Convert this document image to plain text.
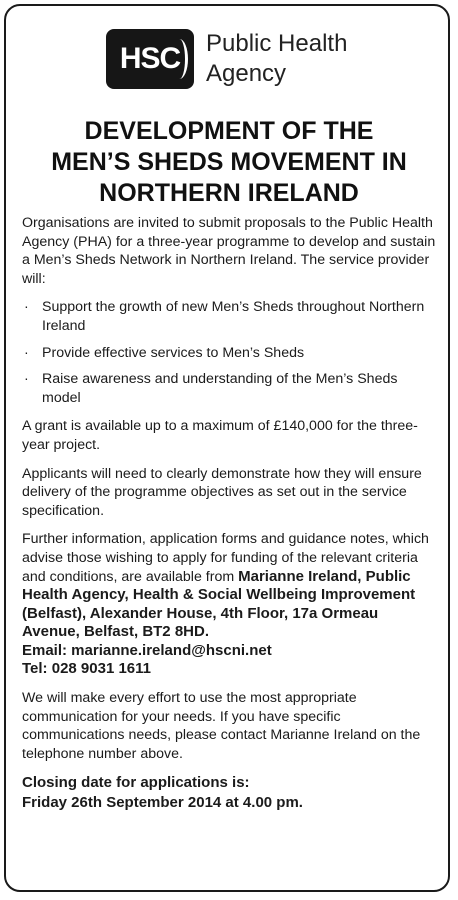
HSC Public Health
Agency
DEVELOPMENT OF THE
MEN’S SHEDS MOVEMENT IN
NORTHERN IRELAND

Organisations are invited to submit proposals to the Public Health Agency (PHA) for a three-year programme to develop and sustain a Men’s Sheds Network in Northern Ireland. The service provider will:

· Support the growth of new Men’s Sheds throughout Northern Ireland
· Provide effective services to Men’s Sheds
· Raise awareness and understanding of the Men’s Sheds model

A grant is available up to a maximum of £140,000 for the three-year project.

Applicants will need to clearly demonstrate how they will ensure delivery of the programme objectives as set out in the service specification.

Further information, application forms and guidance notes, which advise those wishing to apply for funding of the relevant criteria and conditions, are available from Marianne Ireland, Public Health Agency, Health & Social Wellbeing Improvement (Belfast), Alexander House, 4th Floor, 17a Ormeau Avenue, Belfast, BT2 8HD.
Email: marianne.ireland@hscni.net
Tel: 028 9031 1611

We will make every effort to use the most appropriate communication for your needs. If you have specific communications needs, please contact Marianne Ireland on the telephone number above.

Closing date for applications is:
Friday 26th September 2014 at 4.00 pm.
